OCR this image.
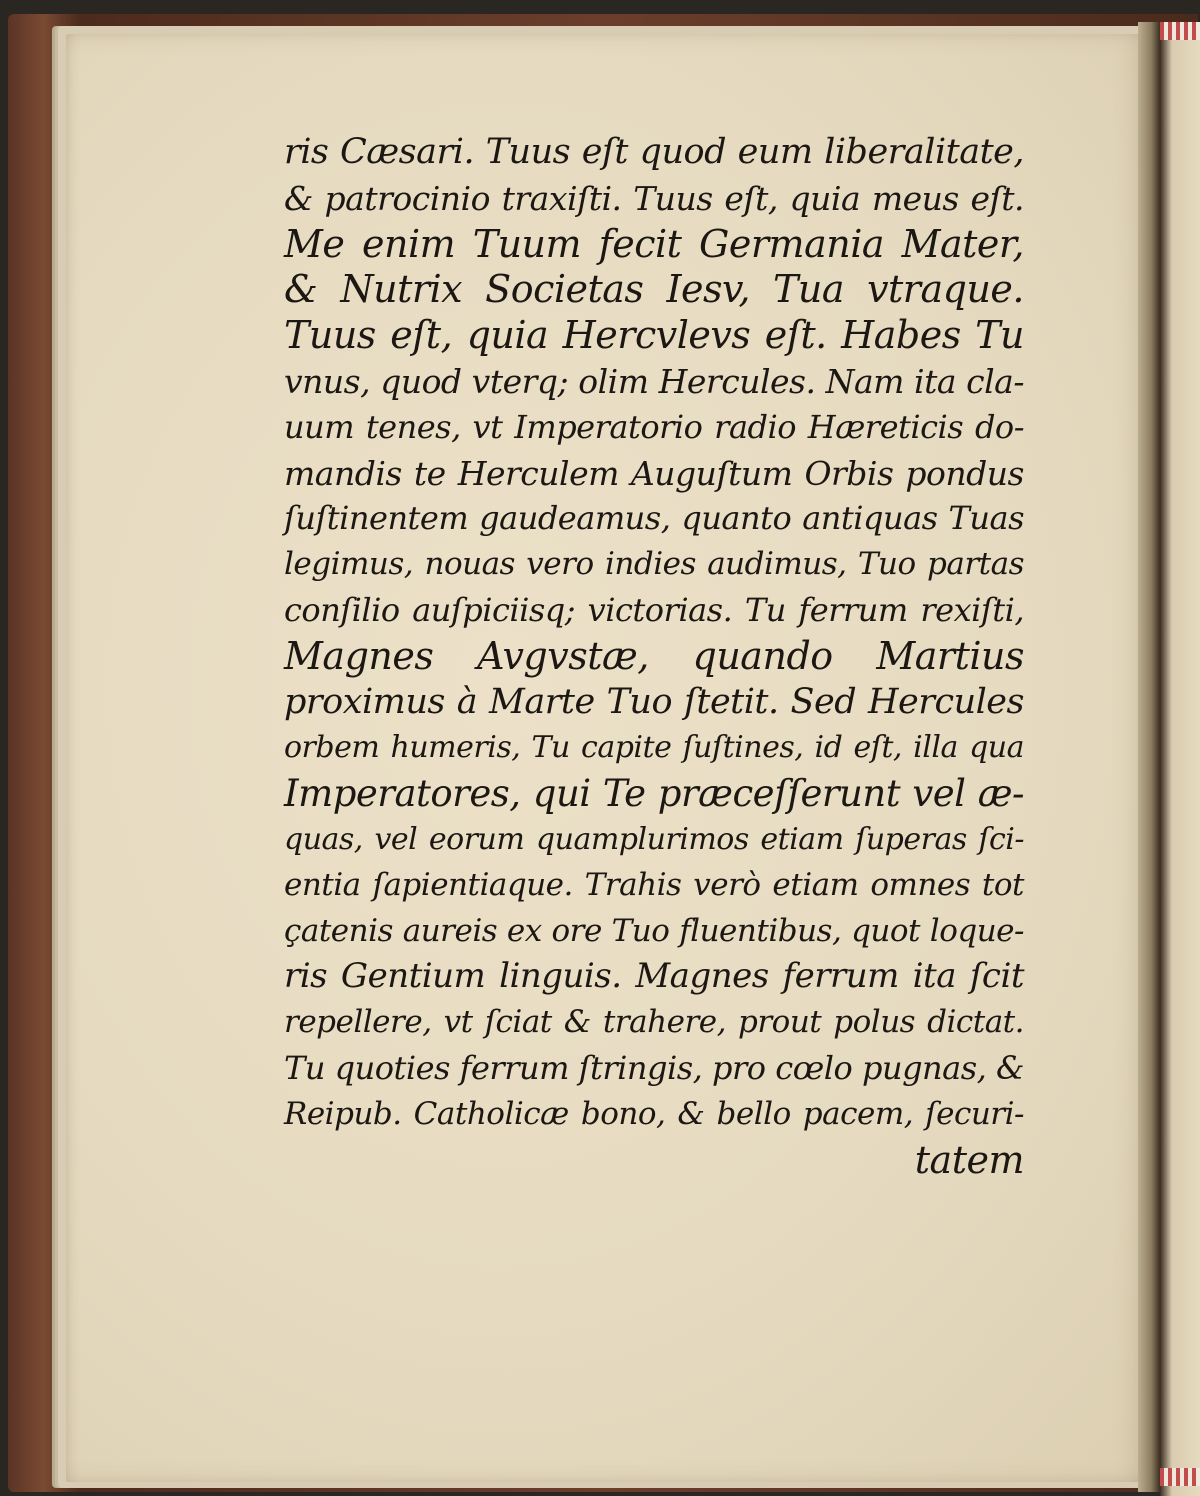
ris Cæsari. Tuus eſt quod eum liberalitate,
& patrocinio traxiſti. Tuus eſt, quia meus eſt.
Me enim Tuum fecit Germania Mater,
& Nutrix Societas Iesv, Tua vtraque.
Tuus eſt, quia Hercvlevs eſt. Habes Tu
vnus, quod vterq; olim Hercules. Nam ita cla-
uum tenes, vt Imperatorio radio Hæreticis do-
mandis te Herculem Auguſtum Orbis pondus
ſuſtinentem gaudeamus, quanto antiquas Tuas
legimus, nouas vero indies audimus, Tuo partas
conſilio auſpiciisq; victorias. Tu ferrum rexiſti,
Magnes Avgvstæ, quando Martius
proximus à Marte Tuo ſtetit. Sed Hercules
orbem humeris, Tu capite ſuſtines, id eſt, illa qua
Imperatores, qui Te præceſſerunt vel æ-
quas, vel eorum quamplurimos etiam ſuperas ſci-
entia ſapientiaque. Trahis verò etiam omnes tot
çatenis aureis ex ore Tuo fluentibus, quot loque-
ris Gentium linguis. Magnes ferrum ita ſcit
repellere, vt ſciat & trahere, prout polus dictat.
Tu quoties ferrum ſtringis, pro cœlo pugnas, &
Reipub. Catholicæ bono, & bello pacem, ſecuri-
tatem
